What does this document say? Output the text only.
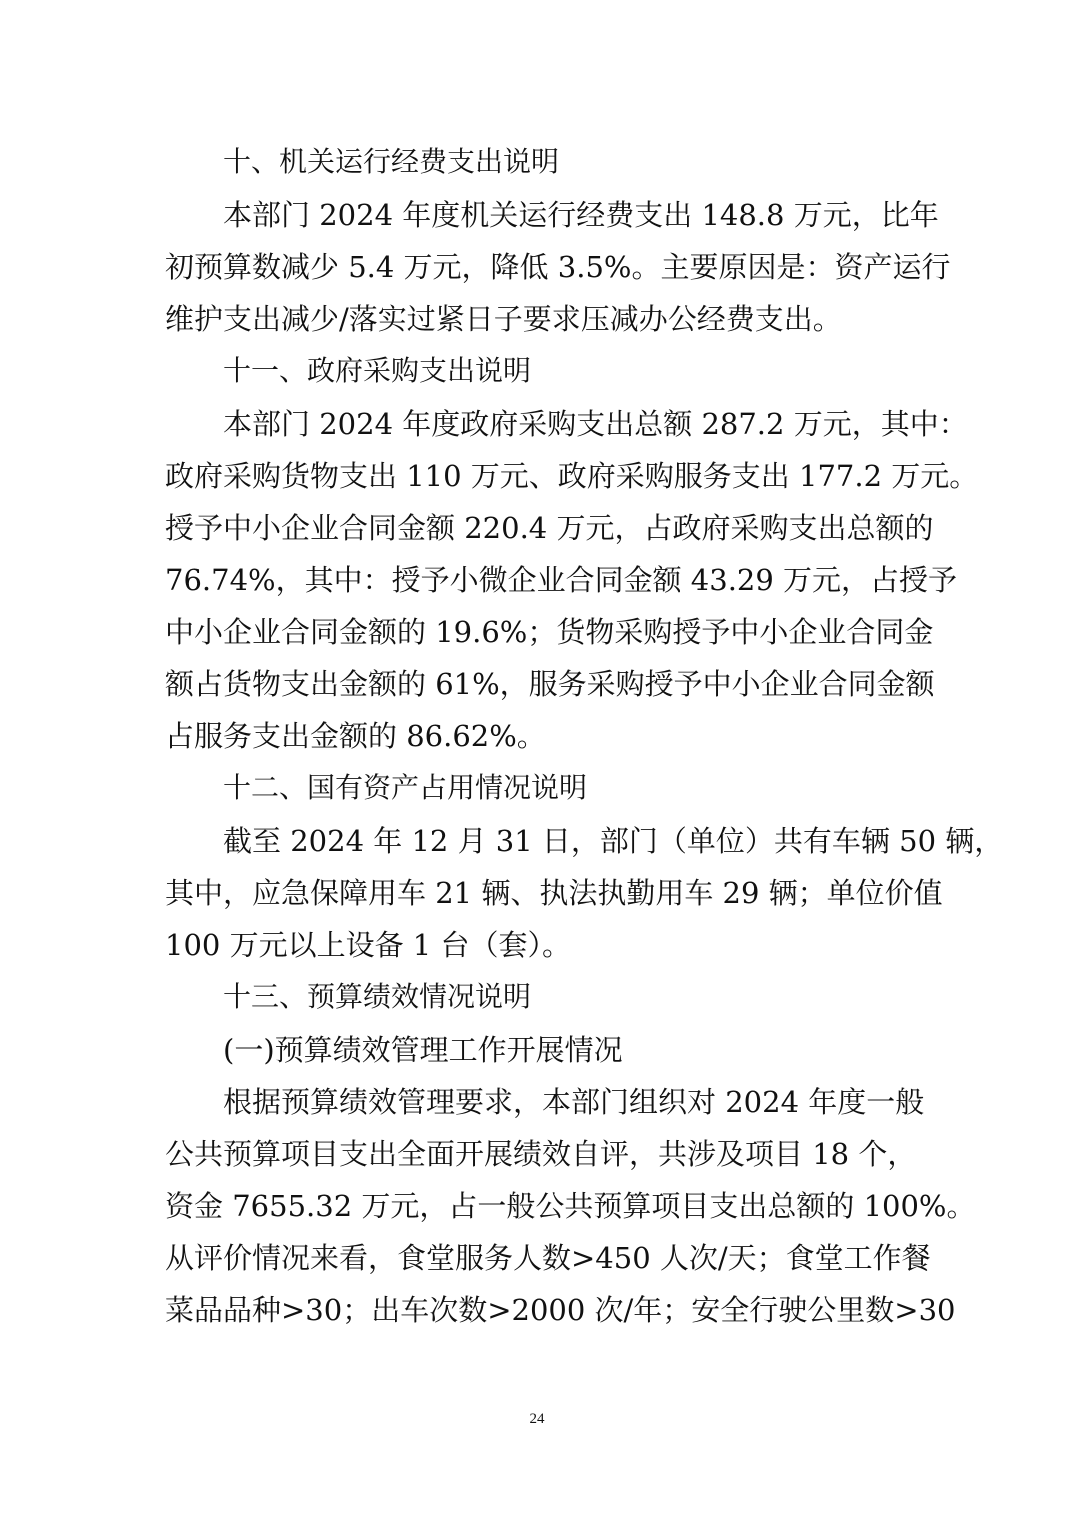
十、机关运行经费支出说明
本部门 2024 年度机关运行经费支出 148.8 万元，比年
初预算数减少 5.4 万元，降低 3.5%。主要原因是：资产运行
维护支出减少/落实过紧日子要求压减办公经费支出。
十一、政府采购支出说明
本部门 2024 年度政府采购支出总额 287.2 万元，其中：
政府采购货物支出 110 万元、政府采购服务支出 177.2 万元。
授予中小企业合同金额 220.4 万元，占政府采购支出总额的
76.74%，其中：授予小微企业合同金额 43.29 万元，占授予
中小企业合同金额的 19.6%；货物采购授予中小企业合同金
额占货物支出金额的 61%，服务采购授予中小企业合同金额
占服务支出金额的 86.62%。
十二、国有资产占用情况说明
截至 2024 年 12 月 31 日，部门（单位）共有车辆 50 辆，
其中，应急保障用车 21 辆、执法执勤用车 29 辆；单位价值
100 万元以上设备 1 台（套）。
十三、预算绩效情况说明
(一)预算绩效管理工作开展情况
根据预算绩效管理要求，本部门组织对 2024 年度一般
公共预算项目支出全面开展绩效自评，共涉及项目 18 个，
资金 7655.32 万元，占一般公共预算项目支出总额的 100%。
从评价情况来看，食堂服务人数>450 人次/天；食堂工作餐
菜品品种>30；出车次数>2000 次/年；安全行驶公里数>30
24
